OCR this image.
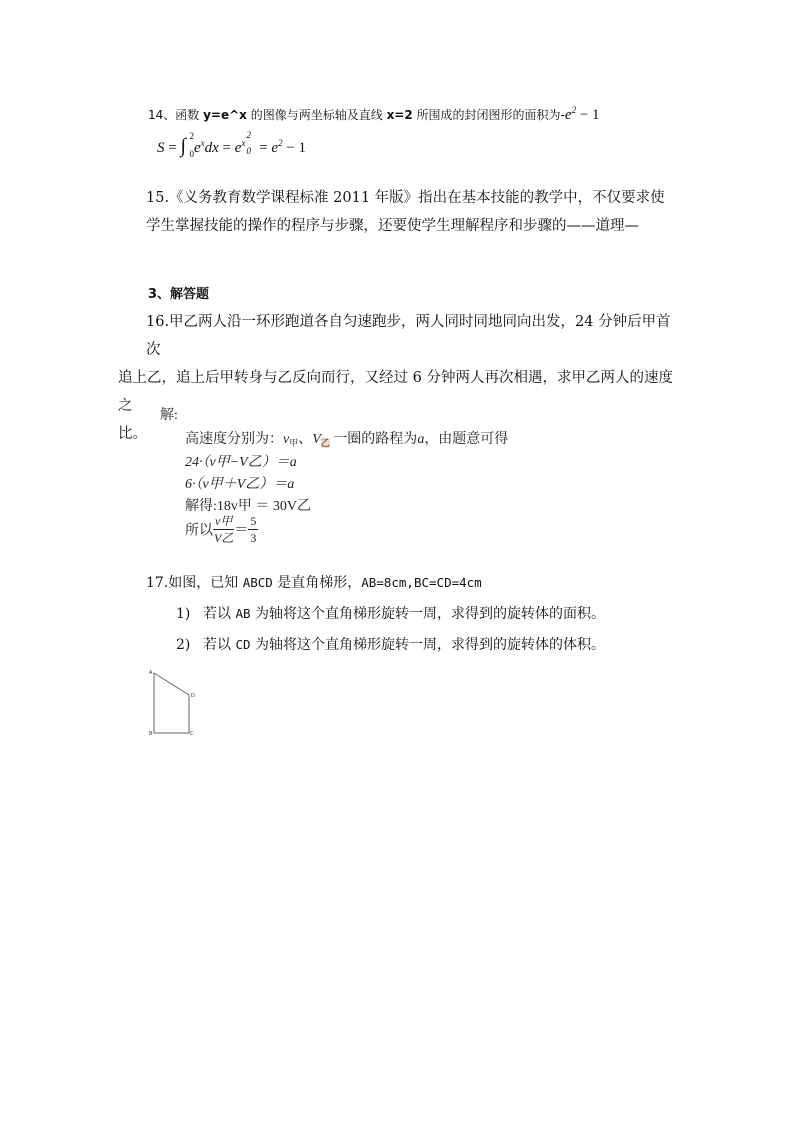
14、函数 y=e^x 的图像与两坐标轴及直线 x=2 所围成的封闭图形的面积为$-e^2 - 1$
S = ∫ 2
0 $e^xdx = e^x$
2
$0 = e^2 - 1$
15.《义务教育数学课程标准 2011 年版》指出在基本技能的教学中，不仅要求使学生掌握技能的操作的程序与步骤，还要使学生理解程序和步骤的——道理—
3、解答题
16.甲乙两人沿一环形跑道各自匀速跑步，两人同时同地同向出发，24 分钟后甲首次
追上乙，追上后甲转身与乙反向而行，又经过 6 分钟两人再次相遇，求甲乙两人的速度之
比。
解:
高速度分别为：$v_甲$、$V_乙$ 一圈的路程为a，由题意可得
24·（v甲−V乙）＝a
6·（v甲＋V乙）＝a
解得:18v甲 ＝ 30V乙
所以 $\frac{\text{v甲}}{\text{V乙}} = \frac{5}{3}$
17.如图，已知 ABCD 是直角梯形，AB=8cm,BC=CD=4cm
1) 若以 AB 为轴将这个直角梯形旋转一周，求得到的旋转体的面积。
2) 若以 CD 为轴将这个直角梯形旋转一周，求得到的旋转体的体积。
A
D
B	C
